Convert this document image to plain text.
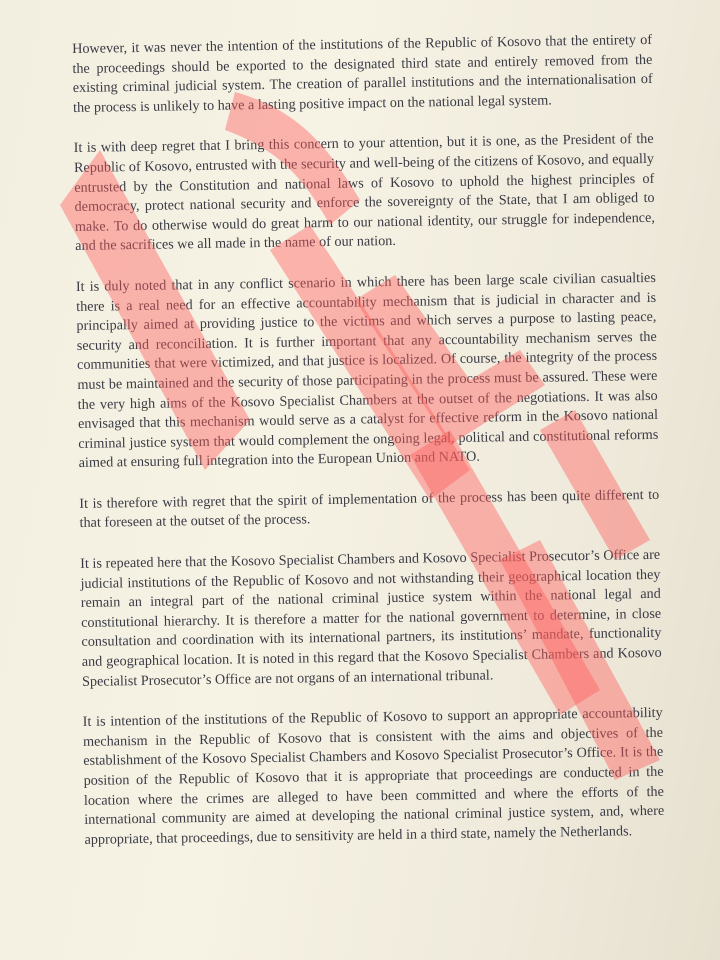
However, it was never the intention of the institutions of the Republic of Kosovo that the entirety of the proceedings should be exported to the designated third state and entirely removed from the existing criminal judicial system. The creation of parallel institutions and the internationalisation of the process is unlikely to have a lasting positive impact on the national legal system.

It is with deep regret that I bring this concern to your attention, but it is one, as the President of the Republic of Kosovo, entrusted with the security and well-being of the citizens of Kosovo, and equally entrusted by the Constitution and national laws of Kosovo to uphold the highest principles of democracy, protect national security and enforce the sovereignty of the State, that I am obliged to make. To do otherwise would do great harm to our national identity, our struggle for independence, and the sacrifices we all made in the name of our nation.

It is duly noted that in any conflict scenario in which there has been large scale civilian casualties there is a real need for an effective accountability mechanism that is judicial in character and is principally aimed at providing justice to the victims and which serves a purpose to lasting peace, security and reconciliation. It is further important that any accountability mechanism serves the communities that were victimized, and that justice is localized. Of course, the integrity of the process must be maintained and the security of those participating in the process must be assured. These were the very high aims of the Kosovo Specialist Chambers at the outset of the negotiations. It was also envisaged that this mechanism would serve as a catalyst for effective reform in the Kosovo national criminal justice system that would complement the ongoing legal, political and constitutional reforms aimed at ensuring full integration into the European Union and NATO.

It is therefore with regret that the spirit of implementation of the process has been quite different to that foreseen at the outset of the process.

It is repeated here that the Kosovo Specialist Chambers and Kosovo Specialist Prosecutor’s Office are judicial institutions of the Republic of Kosovo and not withstanding their geographical location they remain an integral part of the national criminal justice system within the national legal and constitutional hierarchy. It is therefore a matter for the national government to determine, in close consultation and coordination with its international partners, its institutions’ mandate, functionality and geographical location. It is noted in this regard that the Kosovo Specialist Chambers and Kosovo Specialist Prosecutor’s Office are not organs of an international tribunal.

It is intention of the institutions of the Republic of Kosovo to support an appropriate accountability mechanism in the Republic of Kosovo that is consistent with the aims and objectives of the establishment of the Kosovo Specialist Chambers and Kosovo Specialist Prosecutor’s Office. It is the position of the Republic of Kosovo that it is appropriate that proceedings are conducted in the location where the crimes are alleged to have been committed and where the efforts of the international community are aimed at developing the national criminal justice system, and, where appropriate, that proceedings, due to sensitivity are held in a third state, namely the Netherlands.
